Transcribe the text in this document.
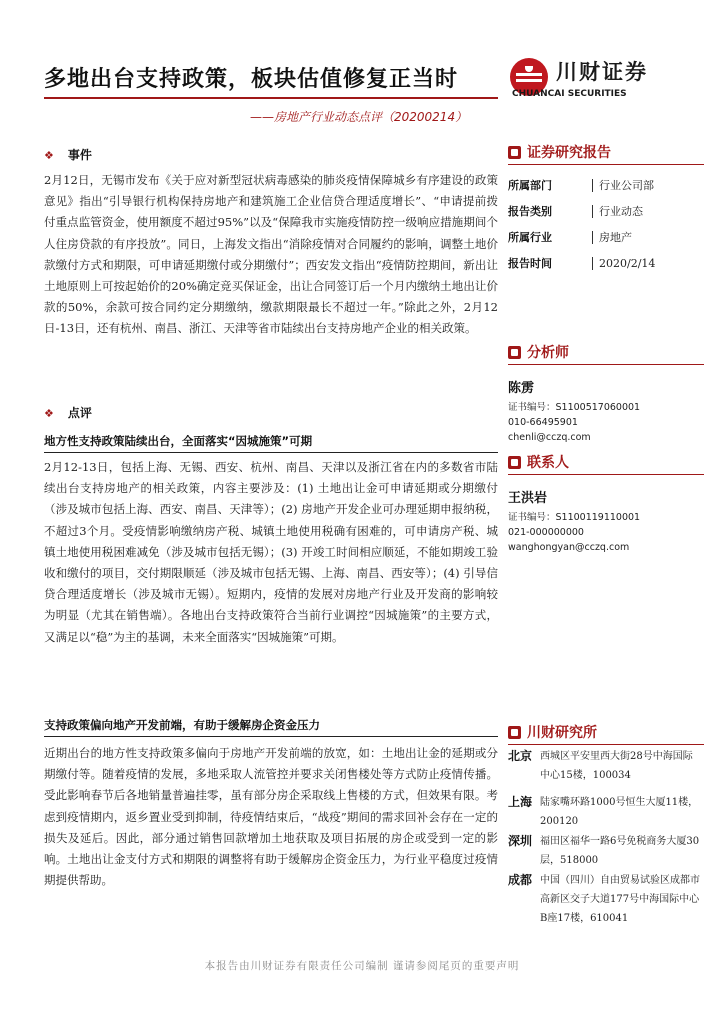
多地出台支持政策，板块估值修复正当时
——房地产行业动态点评（20200214）
川财证券
CHUANCAI SECURITIES
❖ 事件
2月12日，无锡市发布《关于应对新型冠状病毒感染的肺炎疫情保障城乡有序建设的政策意见》指出“引导银行机构保持房地产和建筑施工企业信贷合理适度增长”、“申请提前拨付重点监管资金，使用额度不超过95%”以及“保障我市实施疫情防控一级响应措施期间个人住房贷款的有序投放”。同日，上海发文指出“消除疫情对合同履约的影响，调整土地价款缴付方式和期限，可申请延期缴付或分期缴付”；西安发文指出“疫情防控期间，新出让土地原则上可按起始价的20%确定竞买保证金，出让合同签订后一个月内缴纳土地出让价款的50%，余款可按合同约定分期缴纳，缴款期限最长不超过一年。”除此之外，2月12日-13日，还有杭州、南昌、浙江、天津等省市陆续出台支持房地产企业的相关政策。
❖ 点评
地方性支持政策陆续出台，全面落实“因城施策”可期
2月12-13日，包括上海、无锡、西安、杭州、南昌、天津以及浙江省在内的多数省市陆续出台支持房地产的相关政策，内容主要涉及：(1) 土地出让金可申请延期或分期缴付（涉及城市包括上海、西安、南昌、天津等）；(2) 房地产开发企业可办理延期申报纳税，不超过3个月。受疫情影响缴纳房产税、城镇土地使用税确有困难的，可申请房产税、城镇土地使用税困难减免（涉及城市包括无锡）；(3) 开竣工时间相应顺延，不能如期竣工验收和缴付的项目，交付期限顺延（涉及城市包括无锡、上海、南昌、西安等）；(4) 引导信贷合理适度增长（涉及城市无锡）。短期内，疫情的发展对房地产行业及开发商的影响较为明显（尤其在销售端）。各地出台支持政策符合当前行业调控“因城施策”的主要方式，又满足以“稳”为主的基调，未来全面落实“因城施策”可期。
支持政策偏向地产开发前端，有助于缓解房企资金压力
近期出台的地方性支持政策多偏向于房地产开发前端的放宽，如：土地出让金的延期或分期缴付等。随着疫情的发展，多地采取人流管控并要求关闭售楼处等方式防止疫情传播。受此影响春节后各地销量普遍挂零，虽有部分房企采取线上售楼的方式，但效果有限。考虑到疫情期内，返乡置业受到抑制，待疫情结束后，“战疫”期间的需求回补会存在一定的损失及延后。因此，部分通过销售回款增加土地获取及项目拓展的房企或受到一定的影响。土地出让金支付方式和期限的调整将有助于缓解房企资金压力，为行业平稳度过疫情期提供帮助。
证券研究报告
所属部门	行业公司部
报告类别	行业动态
所属行业	房地产
报告时间	2020/2/14
分析师
陈雳
证书编号：S1100517060001
010-66495901
chenli@cczq.com
联系人
王洪岩
证书编号：S1100119110001
021-000000000
wanghongyan@cczq.com
川财研究所
北京 西城区平安里西大街28号中海国际中心15楼，100034
上海 陆家嘴环路1000号恒生大厦11楼，200120
深圳 福田区福华一路6号免税商务大厦30层，518000
成都 中国（四川）自由贸易试验区成都市高新区交子大道177号中海国际中心B座17楼，610041
本报告由川财证券有限责任公司编制 谨请参阅尾页的重要声明
